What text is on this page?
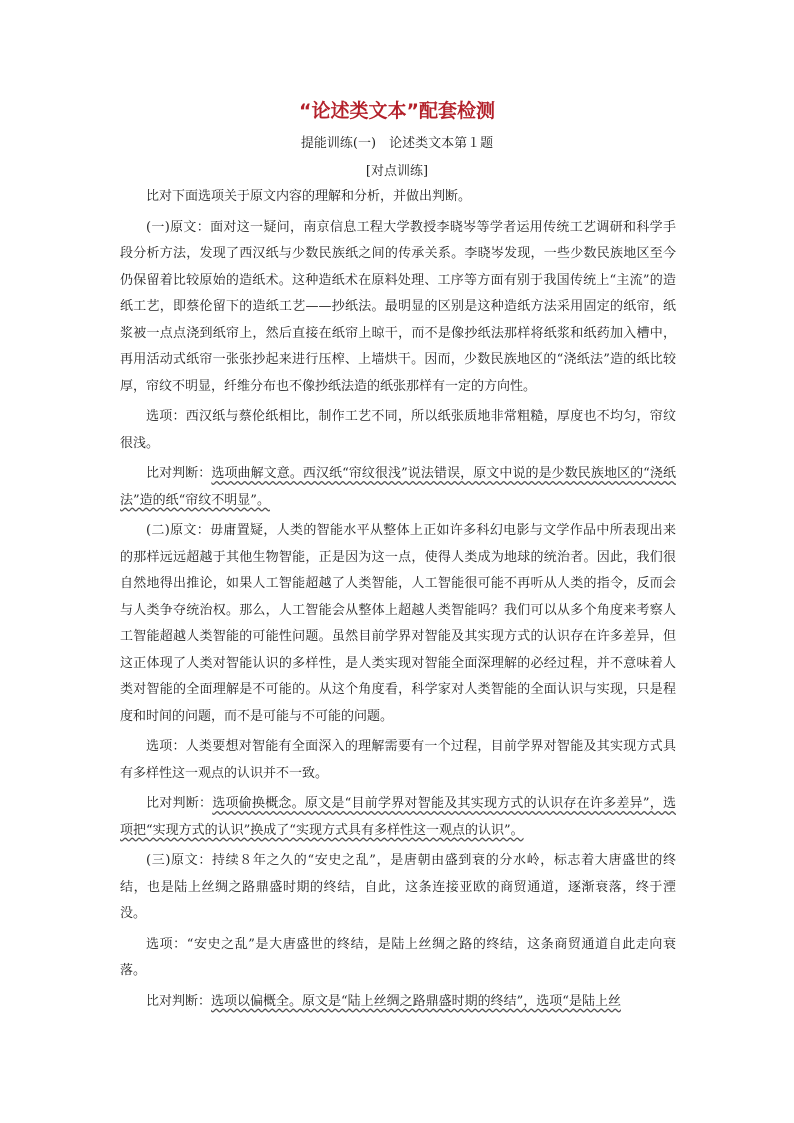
“论述类文本”配套检测
提能训练(一)　论述类文本第１题
[对点训练]

比对下面选项关于原文内容的理解和分析，并做出判断。

(一)原文：面对这一疑问，南京信息工程大学教授李晓岑等学者运用传统工艺调研和科学手段分析方法，发现了西汉纸与少数民族纸之间的传承关系。李晓岑发现，一些少数民族地区至今仍保留着比较原始的造纸术。这种造纸术在原料处理、工序等方面有别于我国传统上“主流”的造纸工艺，即蔡伦留下的造纸工艺——抄纸法。最明显的区别是这种造纸方法采用固定的纸帘，纸浆被一点点浇到纸帘上，然后直接在纸帘上晾干，而不是像抄纸法那样将纸浆和纸药加入槽中，再用活动式纸帘一张张抄起来进行压榨、上墙烘干。因而，少数民族地区的“浇纸法”造的纸比较厚，帘纹不明显，纤维分布也不像抄纸法造的纸张那样有一定的方向性。

选项：西汉纸与蔡伦纸相比，制作工艺不同，所以纸张质地非常粗糙，厚度也不均匀，帘纹很浅。

比对判断：选项曲解文意。西汉纸“帘纹很浅”说法错误，原文中说的是少数民族地区的“浇纸法”造的纸“帘纹不明显”。

(二)原文：毋庸置疑，人类的智能水平从整体上正如许多科幻电影与文学作品中所表现出来的那样远远超越于其他生物智能，正是因为这一点，使得人类成为地球的统治者。因此，我们很自然地得出推论，如果人工智能超越了人类智能，人工智能很可能不再听从人类的指令，反而会与人类争夺统治权。那么，人工智能会从整体上超越人类智能吗？我们可以从多个角度来考察人工智能超越人类智能的可能性问题。虽然目前学界对智能及其实现方式的认识存在许多差异，但这正体现了人类对智能认识的多样性，是人类实现对智能全面深理解的必经过程，并不意味着人类对智能的全面理解是不可能的。从这个角度看，科学家对人类智能的全面认识与实现，只是程度和时间的问题，而不是可能与不可能的问题。

选项：人类要想对智能有全面深入的理解需要有一个过程，目前学界对智能及其实现方式具有多样性这一观点的认识并不一致。

比对判断：选项偷换概念。原文是“目前学界对智能及其实现方式的认识存在许多差异”，选项把“实现方式的认识”换成了“实现方式具有多样性这一观点的认识”。

(三)原文：持续８年之久的“安史之乱”，是唐朝由盛到衰的分水岭，标志着大唐盛世的终结，也是陆上丝绸之路鼎盛时期的终结，自此，这条连接亚欧的商贸通道，逐渐衰落，终于湮没。

选项：“安史之乱”是大唐盛世的终结，是陆上丝绸之路的终结，这条商贸通道自此走向衰落。

比对判断：选项以偏概全。原文是“陆上丝绸之路鼎盛时期的终结”，选项“是陆上丝
